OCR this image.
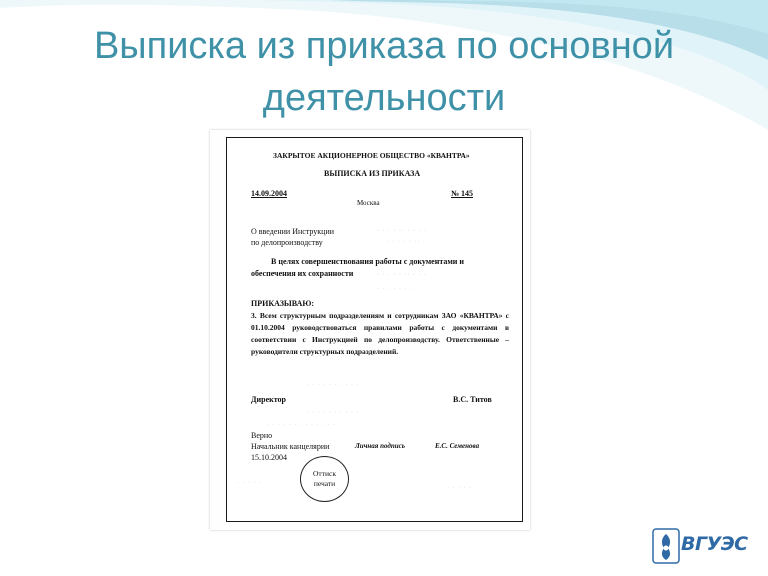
Выписка из приказа по основной
деятельности
ЗАКРЫТОЕ АКЦИОНЕРНОЕ ОБЩЕСТВО «КВАНТРА»
ВЫПИСКА ИЗ ПРИКАЗА
14.09.2004	№ 145
Москва
О введении Инструкции
по делопроизводству
В целях совершенствования работы с документами и
обеспечения их сохранности
ПРИКАЗЫВАЮ:
3. Всем структурным подразделениям и сотрудникам ЗАО «КВАНТРА» с 01.10.2004 руководствоваться правилами работы с документами в соответствии с Инструкцией по делопроизводству. Ответственные – руководители структурных подразделений.
Директор	В.С. Титов
Верно
Начальник канцелярии	Личная подпись	Е.С. Семенова
15.10.2004
Оттиск
печати
· · · · ·· · · · ·
· · · · · ··
· · · · · ·· · · ·
· · · · · · ·
· · · · · · · · · ·
· · · · · · · · · ·
· · · · · · · · · · · · ·
· · · · ·
· · · · ·
ВГУЭС
